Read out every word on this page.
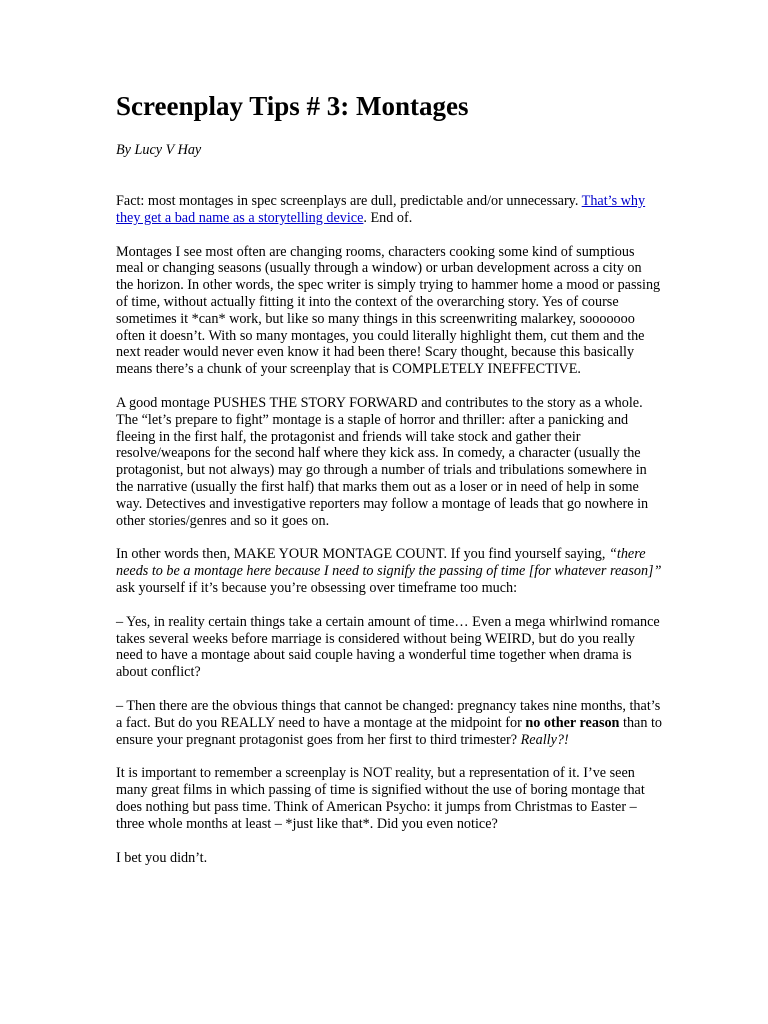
Screenplay Tips # 3: Montages
By Lucy V Hay

Fact: most montages in spec screenplays are dull, predictable and/or unnecessary. That’s why they get a bad name as a storytelling device. End of.

Montages I see most often are changing rooms, characters cooking some kind of sumptious meal or changing seasons (usually through a window) or urban development across a city on the horizon. In other words, the spec writer is simply trying to hammer home a mood or passing of time, without actually fitting it into the context of the overarching story. Yes of course sometimes it *can* work, but like so many things in this screenwriting malarkey, sooooooo often it doesn’t. With so many montages, you could literally highlight them, cut them and the next reader would never even know it had been there! Scary thought, because this basically means there’s a chunk of your screenplay that is COMPLETELY INEFFECTIVE.

A good montage PUSHES THE STORY FORWARD and contributes to the story as a whole. The “let’s prepare to fight” montage is a staple of horror and thriller: after a panicking and fleeing in the first half, the protagonist and friends will take stock and gather their resolve/weapons for the second half where they kick ass. In comedy, a character (usually the protagonist, but not always) may go through a number of trials and tribulations somewhere in the narrative (usually the first half) that marks them out as a loser or in need of help in some way. Detectives and investigative reporters may follow a montage of leads that go nowhere in other stories/genres and so it goes on.

In other words then, MAKE YOUR MONTAGE COUNT. If you find yourself saying, “there needs to be a montage here because I need to signify the passing of time [for whatever reason]” ask yourself if it’s because you’re obsessing over timeframe too much:

– Yes, in reality certain things take a certain amount of time… Even a mega whirlwind romance takes several weeks before marriage is considered without being WEIRD, but do you really need to have a montage about said couple having a wonderful time together when drama is about conflict?

– Then there are the obvious things that cannot be changed: pregnancy takes nine months, that’s a fact. But do you REALLY need to have a montage at the midpoint for no other reason than to ensure your pregnant protagonist goes from her first to third trimester? Really?!

It is important to remember a screenplay is NOT reality, but a representation of it. I’ve seen many great films in which passing of time is signified without the use of boring montage that does nothing but pass time. Think of American Psycho: it jumps from Christmas to Easter – three whole months at least – *just like that*. Did you even notice?

I bet you didn’t.
